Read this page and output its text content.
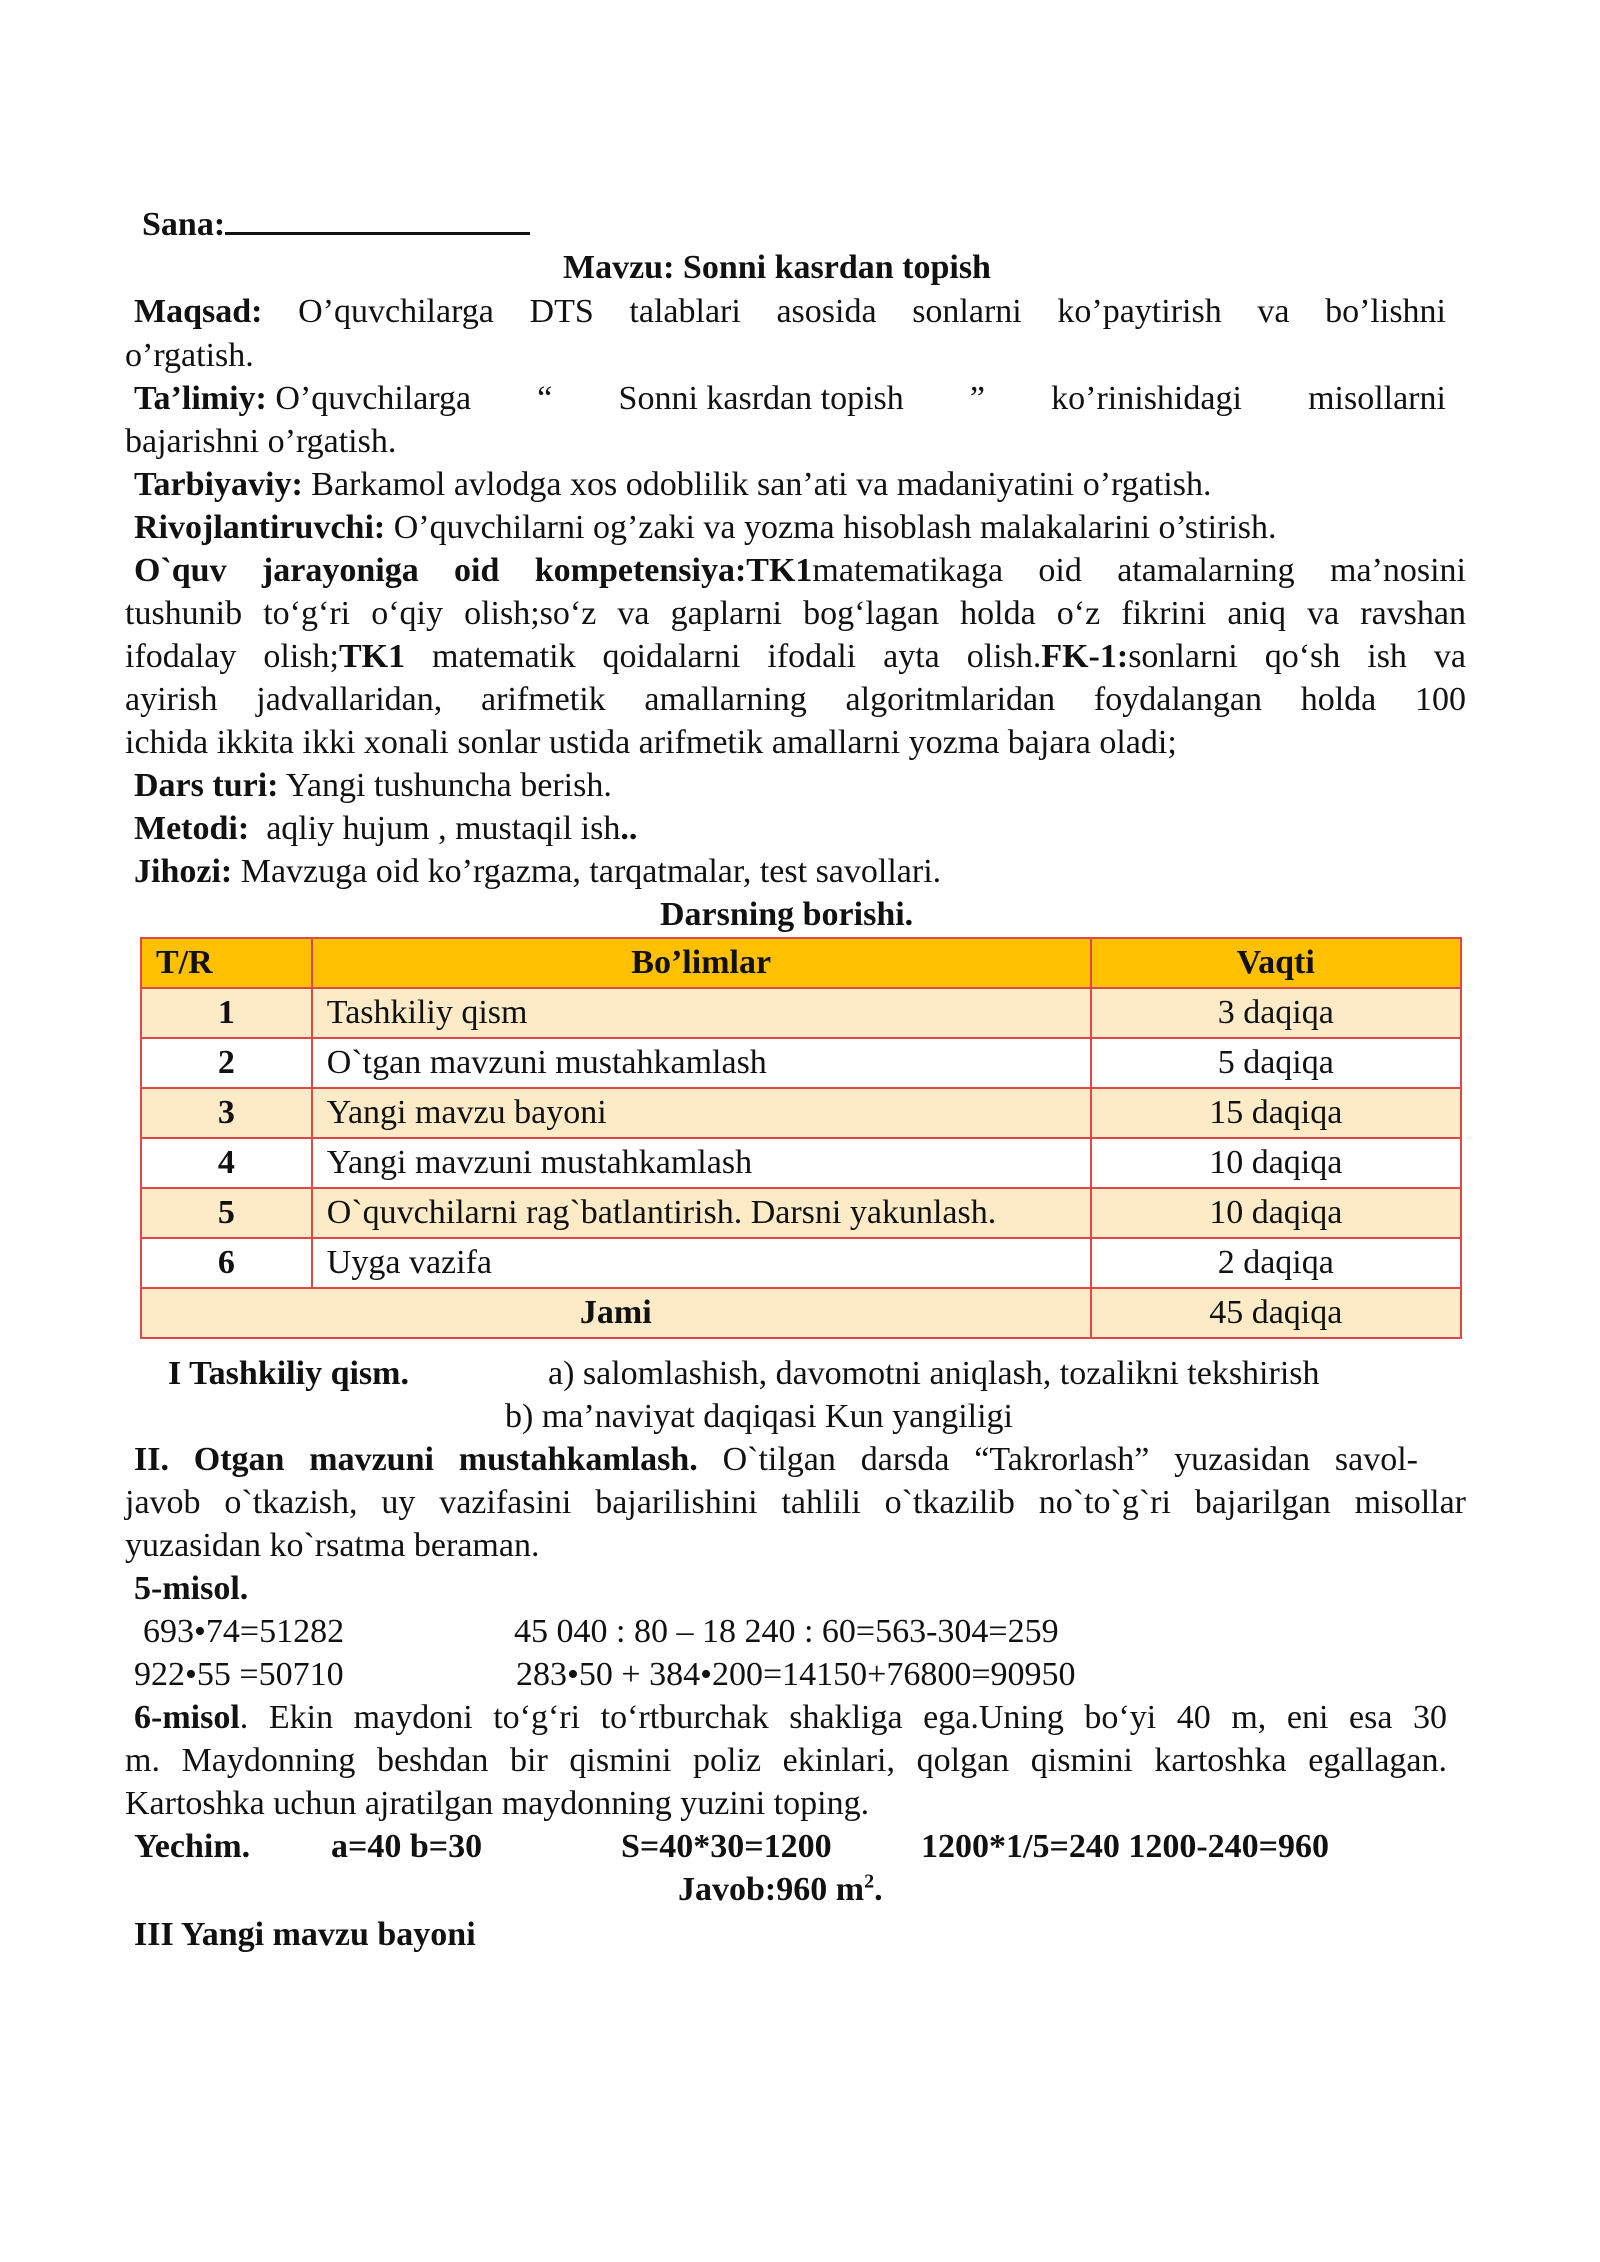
Sana:
Mavzu: Sonni kasrdan topish
Maqsad: O’quvchilarga DTS talablari asosida sonlarni ko’paytirish va bo’lishni
o’rgatish.
Ta’limiy: O’quvchilarga “ Sonni kasrdan topish ” ko’rinishidagi misollarni
bajarishni o’rgatish.
Tarbiyaviy: Barkamol avlodga xos odoblilik san’ati va madaniyatini o’rgatish.
Rivojlantiruvchi: O’quvchilarni og’zaki va yozma hisoblash malakalarini o’stirish.
O`quv jarayoniga oid kompetensiya:TK1matematikaga oid atamalarning ma’nosini
tushunib to‘g‘ri o‘qiy olish;so‘z va gaplarni bog‘lagan holda o‘z fikrini aniq va ravshan
ifodalay olish;TK1 matematik qoidalarni ifodali ayta olish.FK-1:sonlarni qo‘sh ish va
ayirish jadvallaridan, arifmetik amallarning algoritmlaridan foydalangan holda 100
ichida ikkita ikki xonali sonlar ustida arifmetik amallarni yozma bajara oladi;
Dars turi: Yangi tushuncha berish.
Metodi: aqliy hujum , mustaqil ish..
Jihozi: Mavzuga oid ko’rgazma, tarqatmalar, test savollari.
Darsning borishi.
T/R	Bo’limlar	Vaqti
1	Tashkiliy qism	3 daqiqa
2	O`tgan mavzuni mustahkamlash	5 daqiqa
3	Yangi mavzu bayoni	15 daqiqa
4	Yangi mavzuni mustahkamlash	10 daqiqa
5	O`quvchilarni rag`batlantirish. Darsni yakunlash.	10 daqiqa
6	Uyga vazifa	2 daqiqa
Jami		45 daqiqa
I Tashkiliy qism.	a) salomlashish, davomotni aniqlash, tozalikni tekshirish
b) ma’naviyat daqiqasi Kun yangiligi
II. Otgan mavzuni mustahkamlash. O`tilgan darsda “Takrorlash” yuzasidan savol-
javob o`tkazish, uy vazifasini bajarilishini tahlili o`tkazilib no`to`g`ri bajarilgan misollar
yuzasidan ko`rsatma beraman.
5-misol.
693•74=51282	45 040 : 80 – 18 240 : 60=563-304=259
922•55 =50710	283•50 + 384•200=14150+76800=90950
6-misol. Ekin maydoni to‘g‘ri to‘rtburchak shakliga ega.Uning bo‘yi 40 m, eni esa 30
m. Maydonning beshdan bir qismini poliz ekinlari, qolgan qismini kartoshka egallagan.
Kartoshka uchun ajratilgan maydonning yuzini toping.
Yechim. a=40 b=30	S=40*30=1200	1200*1/5=240 1200-240=960
Javob:960 $m^2$.
III Yangi mavzu bayoni
